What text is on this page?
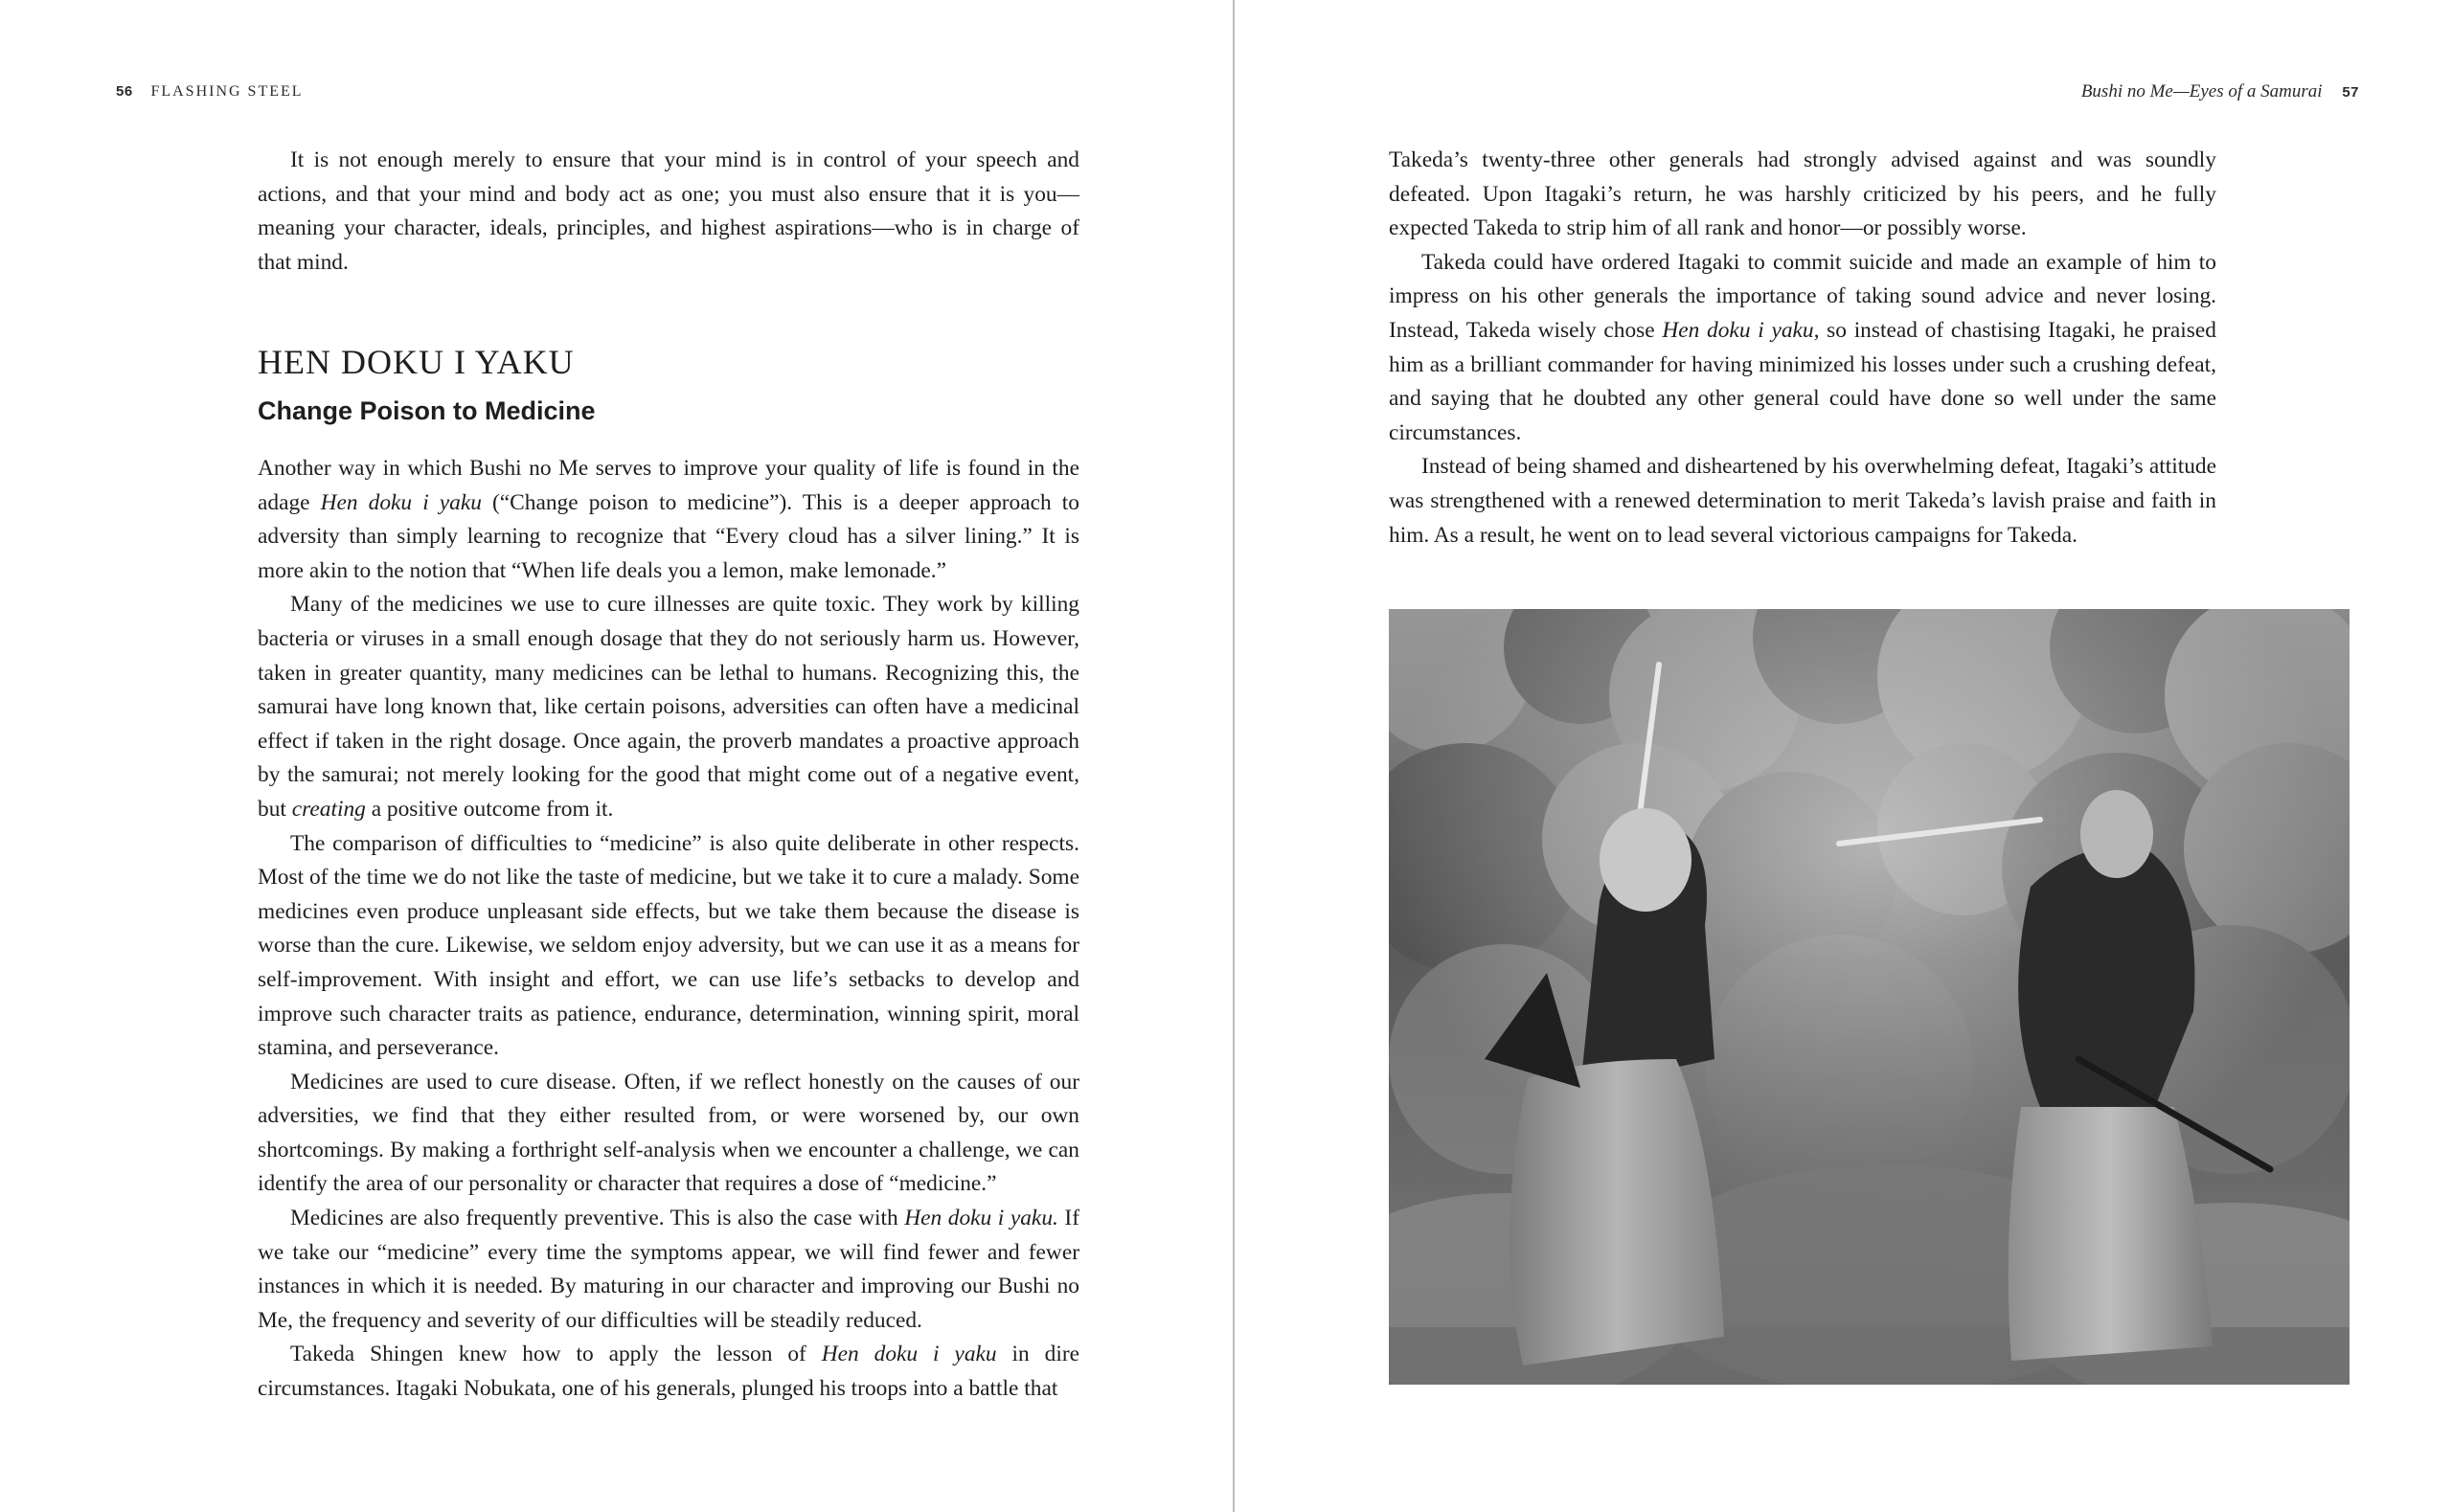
56 FLASHING STEEL

It is not enough merely to ensure that your mind is in control of your speech and actions, and that your mind and body act as one; you must also ensure that it is you—meaning your character, ideals, principles, and highest aspirations—who is in charge of that mind.

HEN DOKU I YAKU
Change Poison to Medicine

Another way in which Bushi no Me serves to improve your quality of life is found in the adage Hen doku i yaku (“Change poison to medicine”). This is a deeper approach to adversity than simply learning to recognize that “Every cloud has a silver lining.” It is more akin to the notion that “When life deals you a lemon, make lemonade.”

Many of the medicines we use to cure illnesses are quite toxic. They work by killing bacteria or viruses in a small enough dosage that they do not seriously harm us. However, taken in greater quantity, many medicines can be lethal to humans. Recognizing this, the samurai have long known that, like certain poisons, adversities can often have a medicinal effect if taken in the right dosage. Once again, the proverb mandates a proactive approach by the samurai; not merely looking for the good that might come out of a negative event, but creating a positive outcome from it.

The comparison of difficulties to “medicine” is also quite deliberate in other respects. Most of the time we do not like the taste of medicine, but we take it to cure a malady. Some medicines even produce unpleasant side effects, but we take them because the disease is worse than the cure. Likewise, we seldom enjoy adversity, but we can use it as a means for self-improvement. With insight and effort, we can use life’s setbacks to develop and improve such character traits as patience, endurance, determination, winning spirit, moral stamina, and perseverance.

Medicines are used to cure disease. Often, if we reflect honestly on the causes of our adversities, we find that they either resulted from, or were worsened by, our own shortcomings. By making a forthright self-analysis when we encounter a challenge, we can identify the area of our personality or character that requires a dose of “medicine.”

Medicines are also frequently preventive. This is also the case with Hen doku i yaku. If we take our “medicine” every time the symptoms appear, we will find fewer and fewer instances in which it is needed. By maturing in our character and improving our Bushi no Me, the frequency and severity of our difficulties will be steadily reduced.

Takeda Shingen knew how to apply the lesson of Hen doku i yaku in dire circumstances. Itagaki Nobukata, one of his generals, plunged his troops into a battle that

Bushi no Me—Eyes of a Samurai 57

Takeda’s twenty-three other generals had strongly advised against and was soundly defeated. Upon Itagaki’s return, he was harshly criticized by his peers, and he fully expected Takeda to strip him of all rank and honor—or possibly worse.

Takeda could have ordered Itagaki to commit suicide and made an example of him to impress on his other generals the importance of taking sound advice and never losing. Instead, Takeda wisely chose Hen doku i yaku, so instead of chastising Itagaki, he praised him as a brilliant commander for having minimized his losses under such a crushing defeat, and saying that he doubted any other general could have done so well under the same circumstances.

Instead of being shamed and disheartened by his overwhelming defeat, Itagaki’s attitude was strengthened with a renewed determination to merit Takeda’s lavish praise and faith in him. As a result, he went on to lead several victorious campaigns for Takeda.
